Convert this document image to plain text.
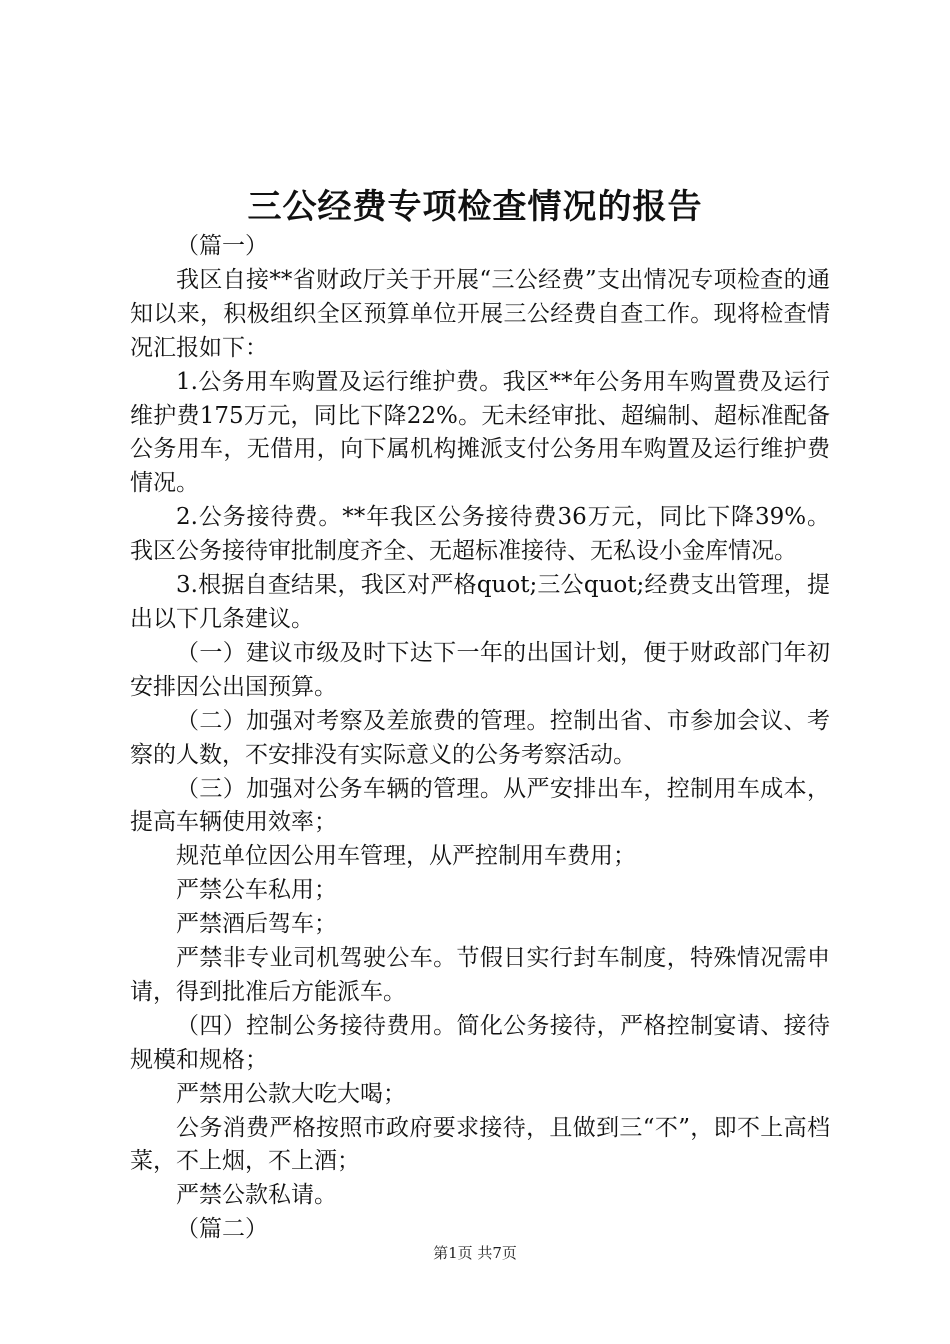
三公经费专项检查情况的报告

（篇一）

我区自接**省财政厅关于开展“三公经费”支出情况专项检查的通知以来，积极组织全区预算单位开展三公经费自查工作。现将检查情况汇报如下：

1.公务用车购置及运行维护费。我区**年公务用车购置费及运行维护费175万元，同比下降22%。无未经审批、超编制、超标准配备公务用车，无借用，向下属机构摊派支付公务用车购置及运行维护费情况。

2.公务接待费。**年我区公务接待费36万元，同比下降39%。我区公务接待审批制度齐全、无超标准接待、无私设小金库情况。

3.根据自查结果，我区对严格quot;三公quot;经费支出管理，提出以下几条建议。

（一）建议市级及时下达下一年的出国计划，便于财政部门年初安排因公出国预算。

（二）加强对考察及差旅费的管理。控制出省、市参加会议、考察的人数，不安排没有实际意义的公务考察活动。

（三）加强对公务车辆的管理。从严安排出车，控制用车成本，提高车辆使用效率；

规范单位因公用车管理，从严控制用车费用；

严禁公车私用；

严禁酒后驾车；

严禁非专业司机驾驶公车。节假日实行封车制度，特殊情况需申请，得到批准后方能派车。

（四）控制公务接待费用。简化公务接待，严格控制宴请、接待规模和规格；

严禁用公款大吃大喝；

公务消费严格按照市政府要求接待，且做到三“不”，即不上高档菜，不上烟，不上酒；

严禁公款私请。

（篇二）

第1页 共7页
